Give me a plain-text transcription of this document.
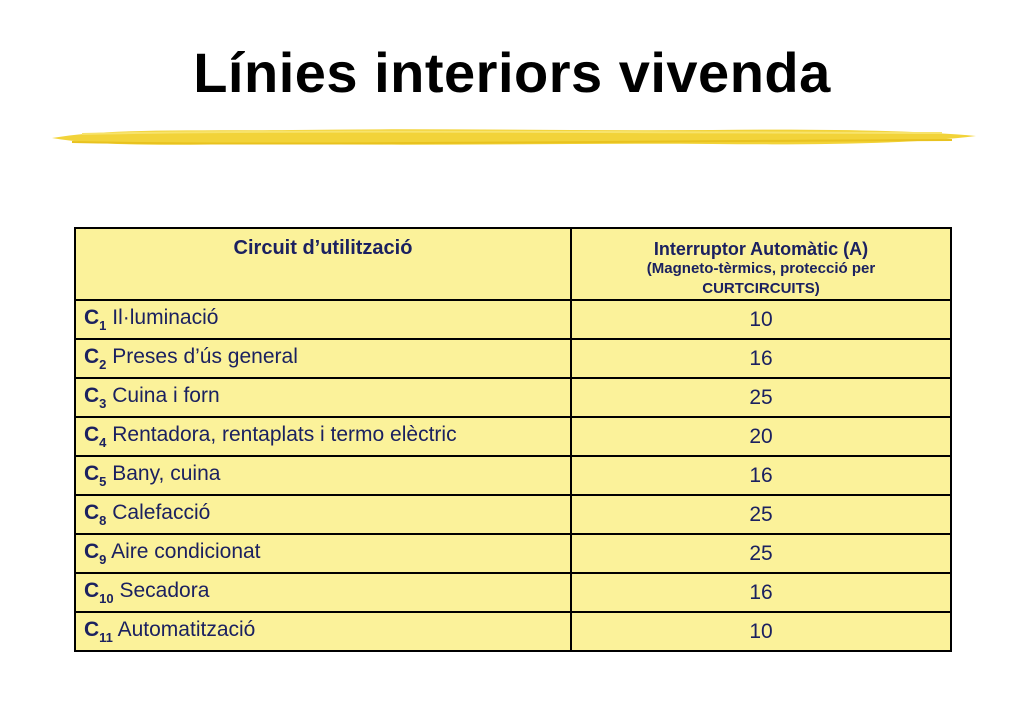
Línies interiors vivenda
Circuit d’utilització	Interruptor Automàtic (A)
(Magneto-tèrmics, protecció per
CURTCIRCUITS)

$C_1$ Il·luminació	10
$C_2$ Preses d’ús general	16
$C_3$ Cuina i forn	25
$C_4$ Rentadora, rentaplats i termo elèctric	20
$C_5$ Bany, cuina	16
$C_8$ Calefacció	25
$C_9$ Aire condicionat	25
$C_{10}$ Secadora	16
$C_{11}$ Automatització	10
